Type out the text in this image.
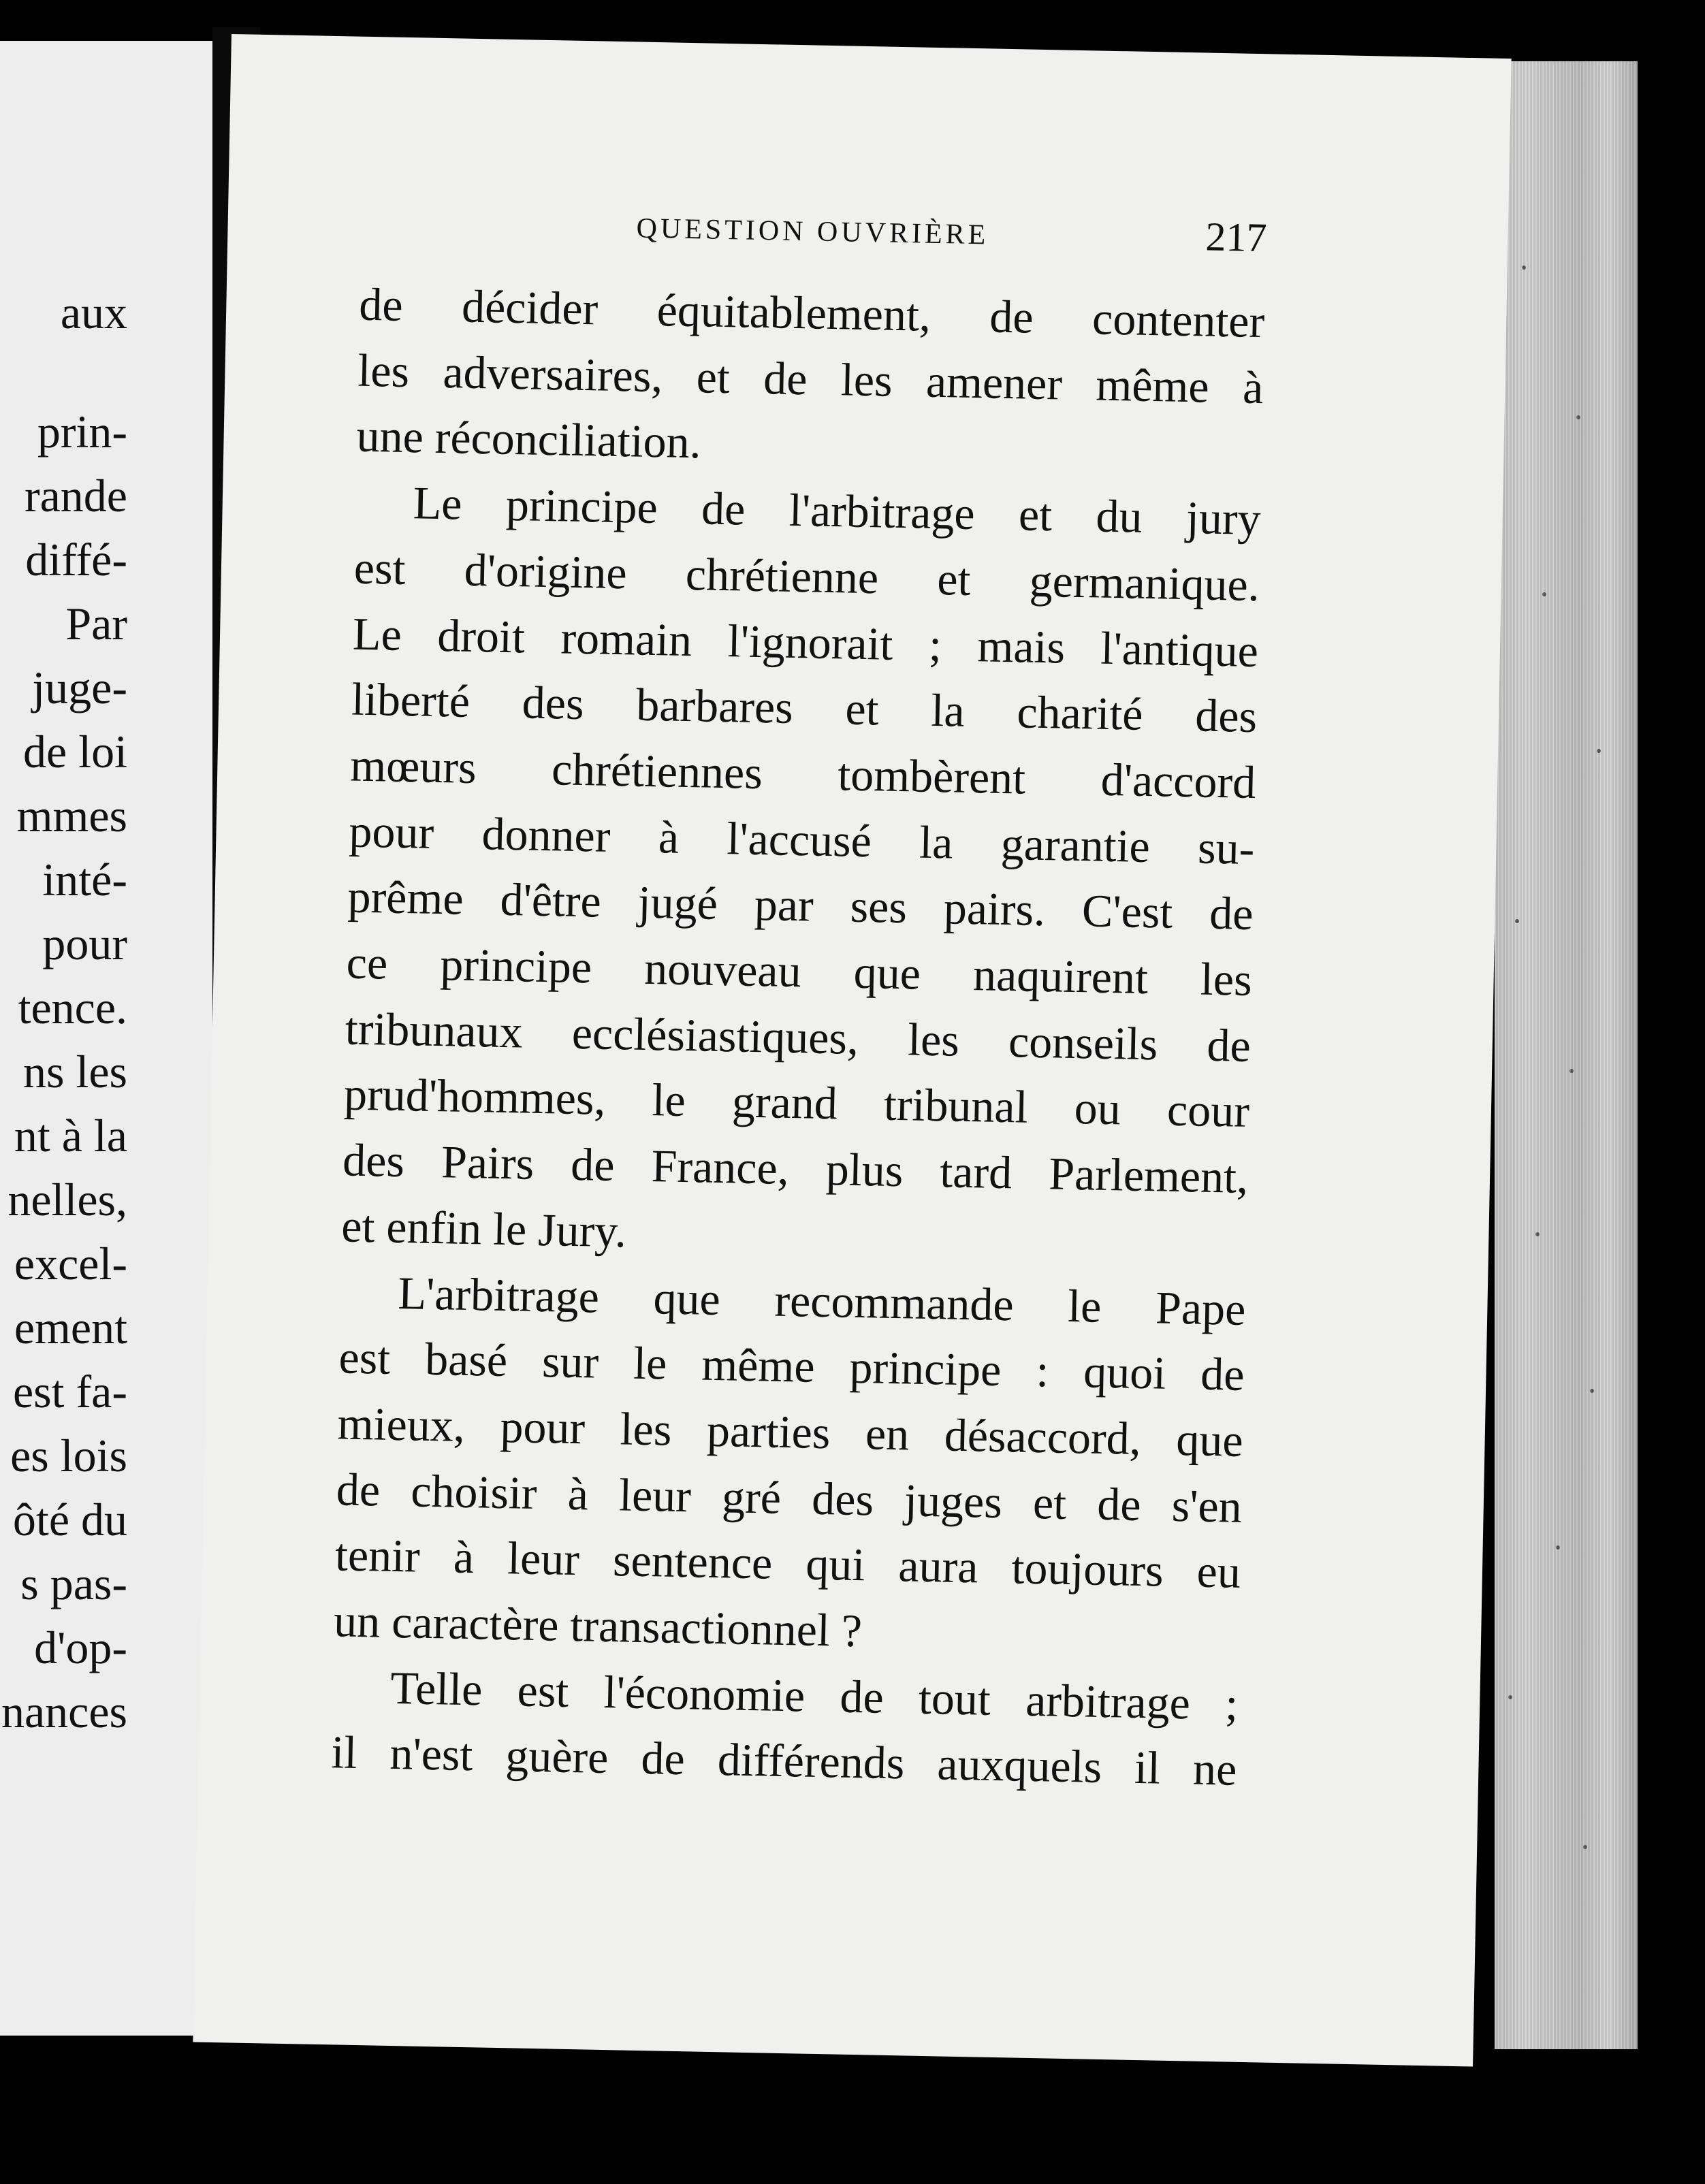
aux
prin-
rande
diffé-
Par
juge-
de loi
mmes
inté-
pour
tence.
ns les
nt à la
nelles,
excel-
ement
est fa-
es lois
ôté du
s pas-
d'op-
nances
QUESTION OUVRIÈRE	217
de décider équitablement, de contenter
les adversaires, et de les amener même à
une réconciliation.
Le principe de l'arbitrage et du jury
est d'origine chrétienne et germanique.
Le droit romain l'ignorait ; mais l'antique
liberté des barbares et la charité des
mœurs chrétiennes tombèrent d'accord
pour donner à l'accusé la garantie su-
prême d'être jugé par ses pairs. C'est de
ce principe nouveau que naquirent les
tribunaux ecclésiastiques, les conseils de
prud'hommes, le grand tribunal ou cour
des Pairs de France, plus tard Parlement,
et enfin le Jury.
L'arbitrage que recommande le Pape
est basé sur le même principe : quoi de
mieux, pour les parties en désaccord, que
de choisir à leur gré des juges et de s'en
tenir à leur sentence qui aura toujours eu
un caractère transactionnel ?
Telle est l'économie de tout arbitrage ;
il n'est guère de différends auxquels il ne
